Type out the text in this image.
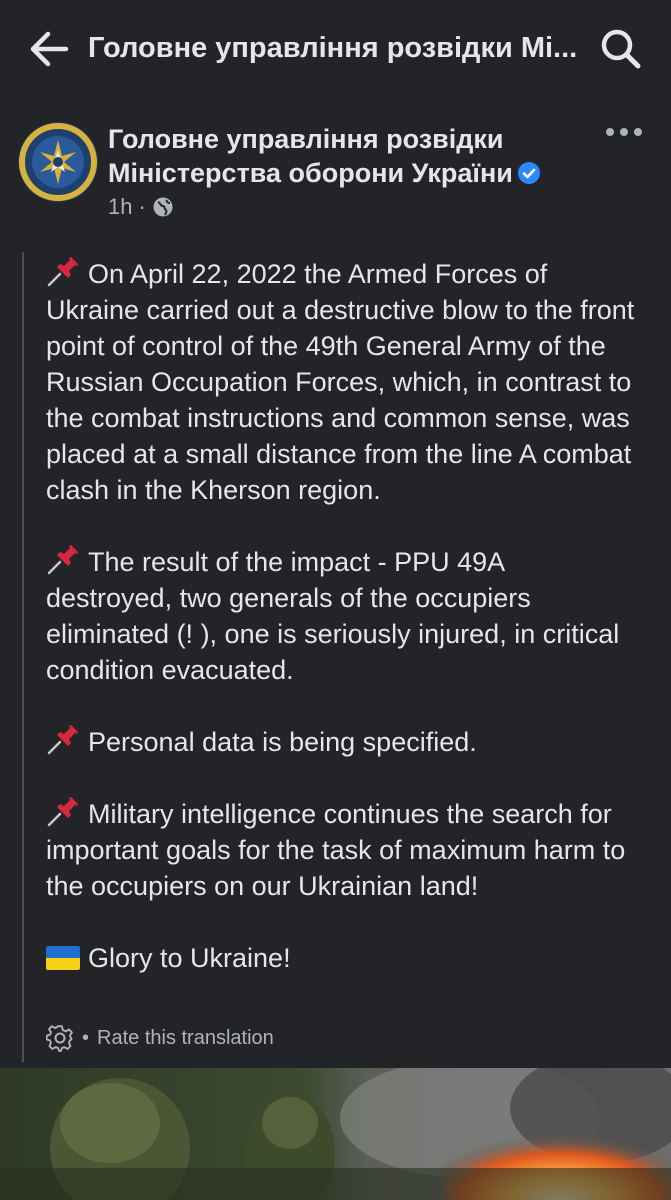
Головне управління розвідки Мі...
Головне управління розвідки Міністерства оборони України
1h ·

On April 22, 2022 the Armed Forces of Ukraine carried out a destructive blow to the front point of control of the 49th General Army of the Russian Occupation Forces, which, in contrast to the combat instructions and common sense, was placed at a small distance from the line A combat clash in the Kherson region.

The result of the impact - PPU 49A destroyed, two generals of the occupiers eliminated (! ), one is seriously injured, in critical condition evacuated.

Personal data is being specified.

Military intelligence continues the search for important goals for the task of maximum harm to the occupiers on our Ukrainian land!

Glory to Ukraine!

• Rate this translation
